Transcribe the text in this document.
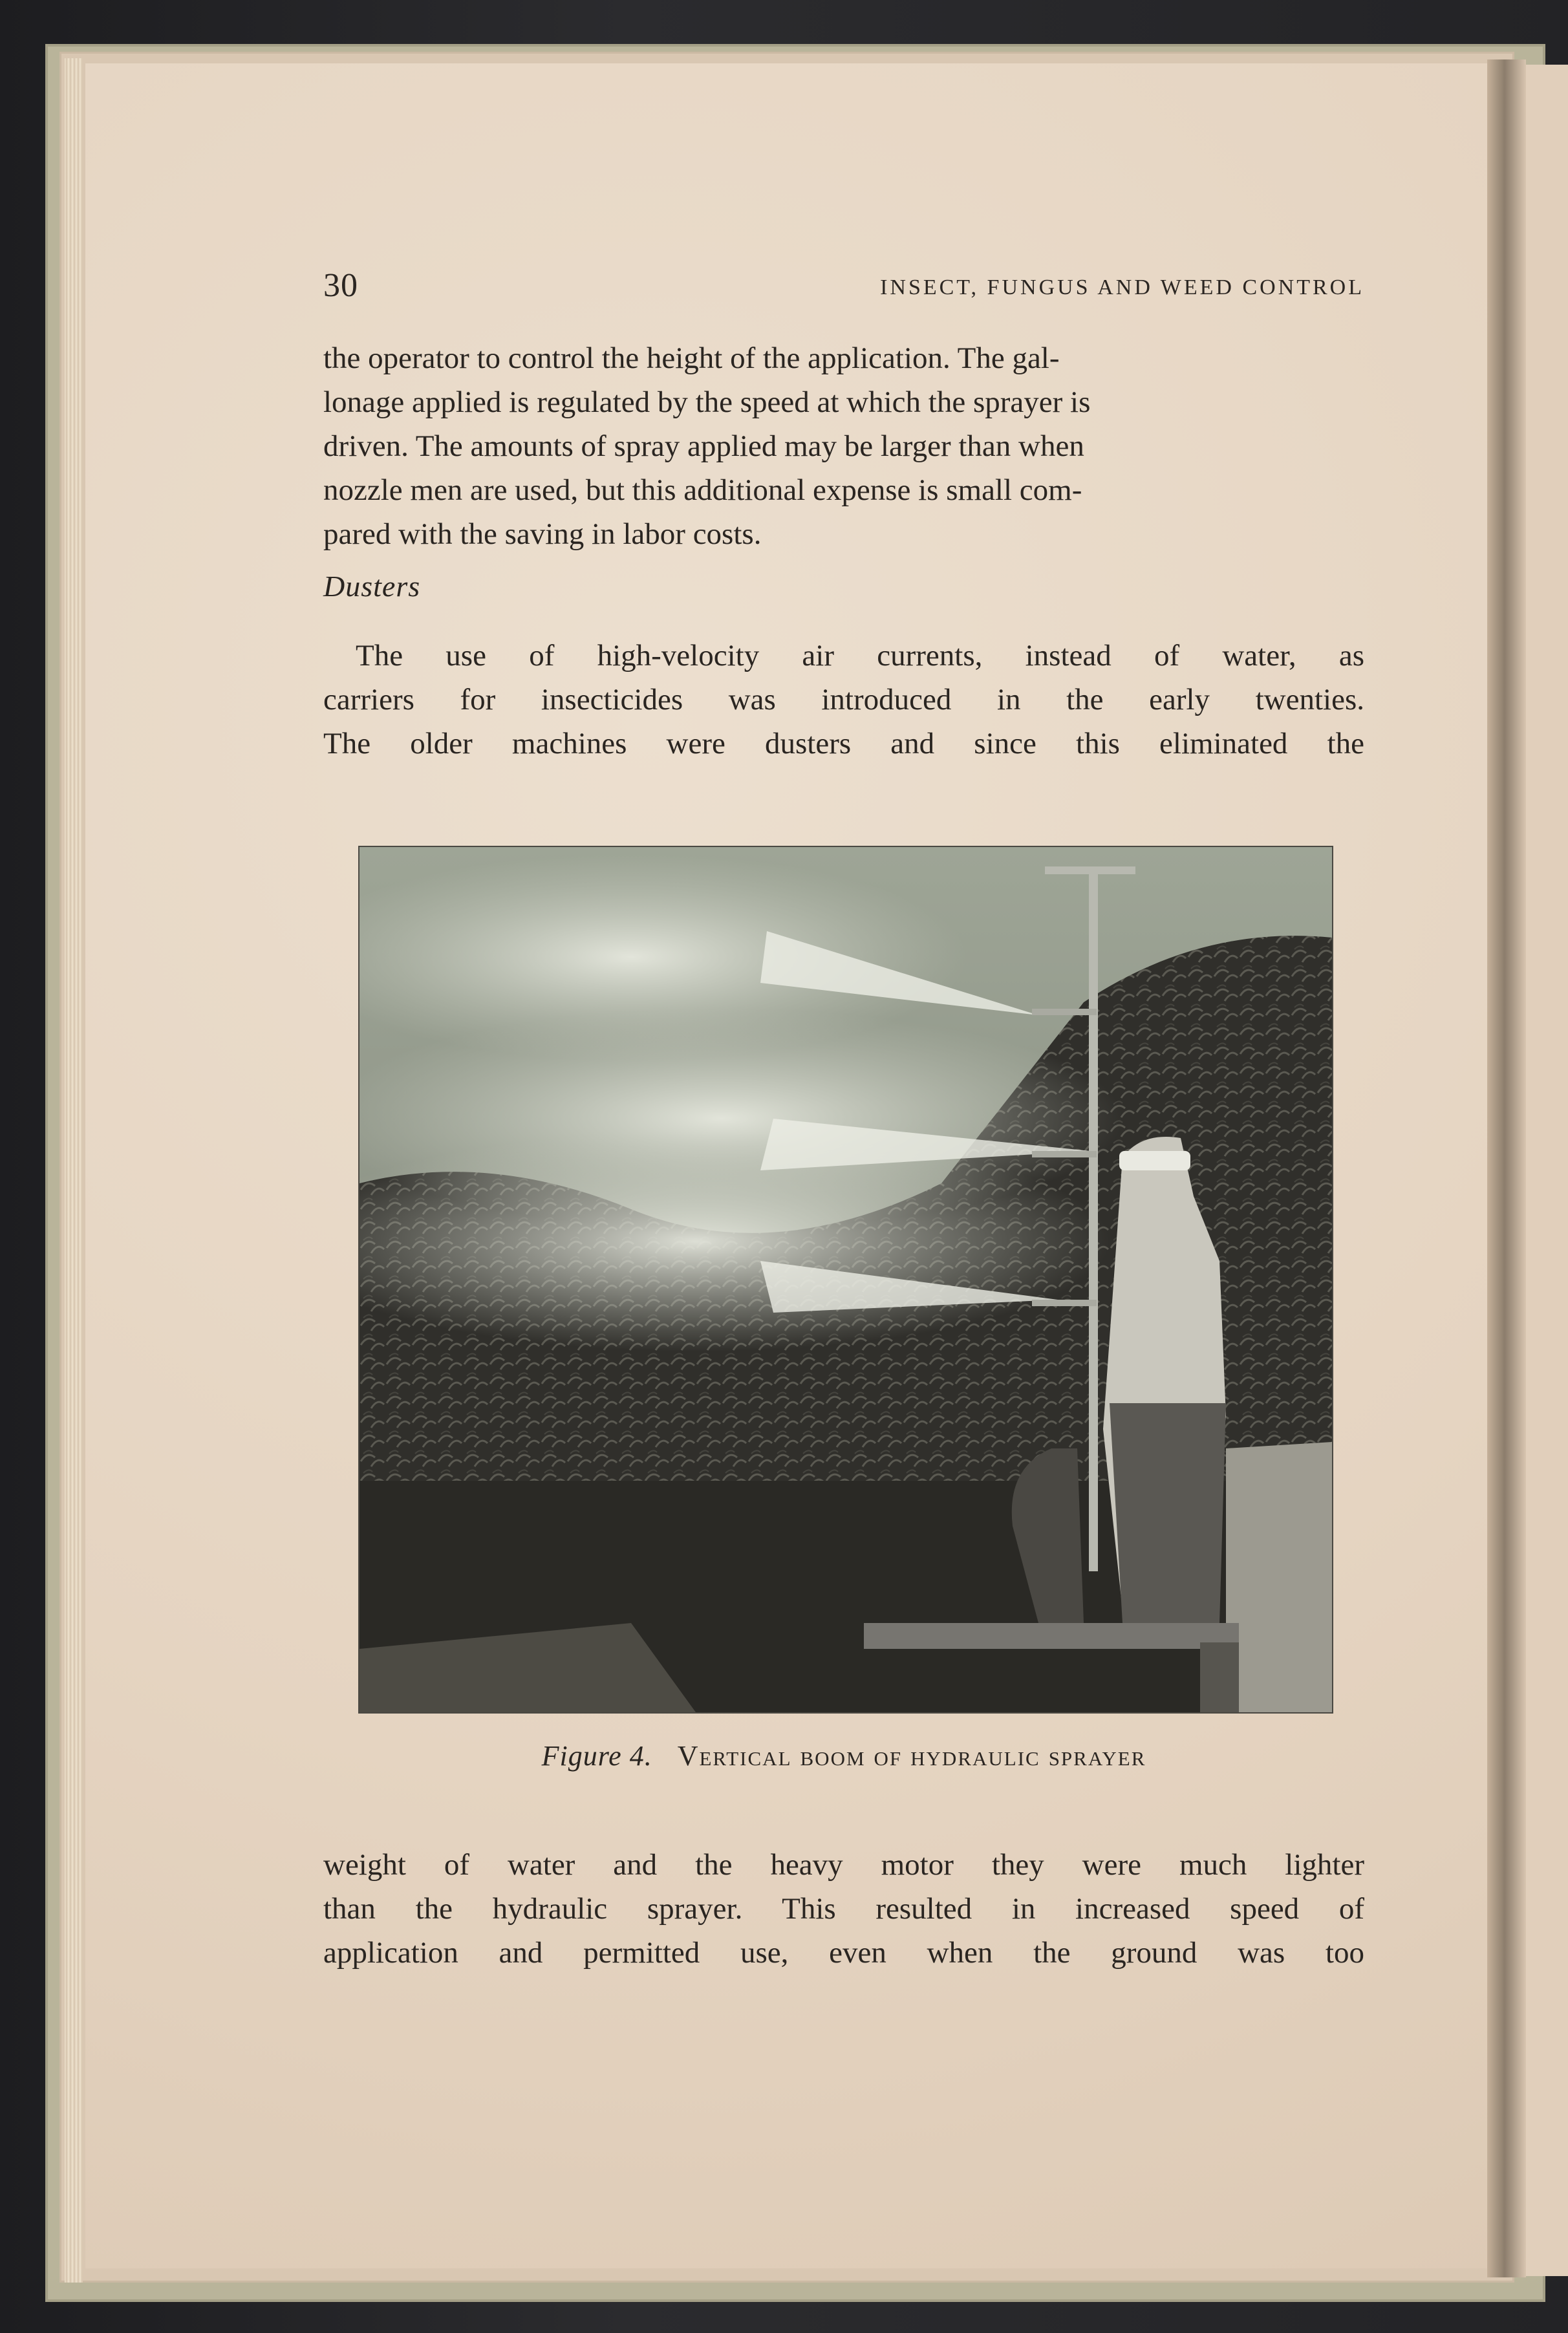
30	INSECT, FUNGUS AND WEED CONTROL
the operator to control the height of the application. The gal-
lonage applied is regulated by the speed at which the sprayer is
driven. The amounts of spray applied may be larger than when
nozzle men are used, but this additional expense is small com-
pared with the saving in labor costs.
Dusters
The use of high-velocity air currents, instead of water, as
carriers for insecticides was introduced in the early twenties.
The older machines were dusters and since this eliminated the
Figure 4. Vertical boom of hydraulic sprayer
weight of water and the heavy motor they were much lighter
than the hydraulic sprayer. This resulted in increased speed of
application and permitted use, even when the ground was too
